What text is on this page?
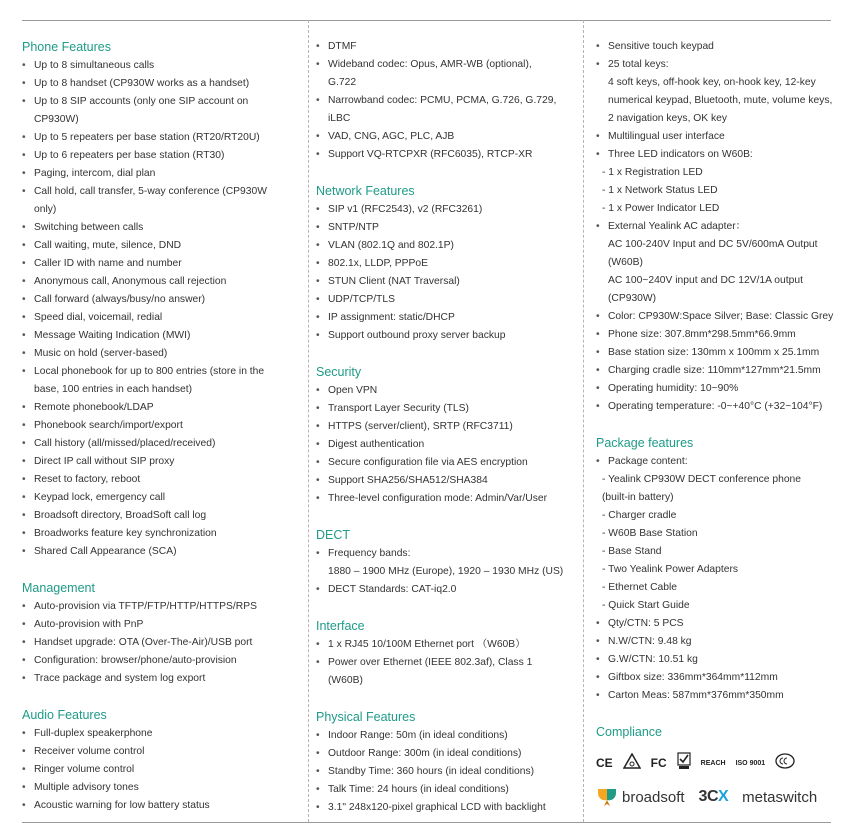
Phone Features
• Up to 8 simultaneous calls
• Up to 8 handset (CP930W works as a handset)
• Up to 8 SIP accounts (only one SIP account on
CP930W)
• Up to 5 repeaters per base station (RT20/RT20U)
• Up to 6 repeaters per base station (RT30)
• Paging, intercom, dial plan
• Call hold, call transfer, 5-way conference (CP930W
only)
• Switching between calls
• Call waiting, mute, silence, DND
• Caller ID with name and number
• Anonymous call, Anonymous call rejection
• Call forward (always/busy/no answer)
• Speed dial, voicemail, redial
• Message Waiting Indication (MWI)
• Music on hold (server-based)
• Local phonebook for up to 800 entries (store in the
base, 100 entries in each handset)
• Remote phonebook/LDAP
• Phonebook search/import/export
• Call history (all/missed/placed/received)
• Direct IP call without SIP proxy
• Reset to factory, reboot
• Keypad lock, emergency call
• Broadsoft directory, BroadSoft call log
• Broadworks feature key synchronization
• Shared Call Appearance (SCA)
Management
• Auto-provision via TFTP/FTP/HTTP/HTTPS/RPS
• Auto-provision with PnP
• Handset upgrade: OTA (Over-The-Air)/USB port
• Configuration: browser/phone/auto-provision
• Trace package and system log export
Audio Features
• Full-duplex speakerphone
• Receiver volume control
• Ringer volume control
• Multiple advisory tones
• Acoustic warning for low battery status
• DTMF
• Wideband codec: Opus, AMR-WB (optional),
G.722
• Narrowband codec: PCMU, PCMA, G.726, G.729,
iLBC
• VAD, CNG, AGC, PLC, AJB
• Support VQ-RTCPXR (RFC6035), RTCP-XR
Network Features
• SIP v1 (RFC2543), v2 (RFC3261)
• SNTP/NTP
• VLAN (802.1Q and 802.1P)
• 802.1x, LLDP, PPPoE
• STUN Client (NAT Traversal)
• UDP/TCP/TLS
• IP assignment: static/DHCP
• Support outbound proxy server backup
Security
• Open VPN
• Transport Layer Security (TLS)
• HTTPS (server/client), SRTP (RFC3711)
• Digest authentication
• Secure configuration file via AES encryption
• Support SHA256/SHA512/SHA384
• Three-level configuration mode: Admin/Var/User
DECT
• Frequency bands:
1880 – 1900 MHz (Europe), 1920 – 1930 MHz (US)
• DECT Standards: CAT-iq2.0
Interface
• 1 x RJ45 10/100M Ethernet port （W60B）
• Power over Ethernet (IEEE 802.3af), Class 1
(W60B)
Physical Features
• Indoor Range: 50m (in ideal conditions)
• Outdoor Range: 300m (in ideal conditions)
• Standby Time: 360 hours (in ideal conditions)
• Talk Time: 24 hours (in ideal conditions)
• 3.1" 248x120-pixel graphical LCD with backlight
• Sensitive touch keypad
• 25 total keys:
4 soft keys, off-hook key, on-hook key, 12-key
numerical keypad, Bluetooth, mute, volume keys,
2 navigation keys, OK key
• Multilingual user interface
• Three LED indicators on W60B:
- 1 x Registration LED
- 1 x Network Status LED
- 1 x Power Indicator LED
• External Yealink AC adapter：
AC 100-240V Input and DC 5V/600mA Output
(W60B)
AC 100~240V input and DC 12V/1A output
(CP930W)
• Color: CP930W:Space Silver; Base: Classic Grey
• Phone size: 307.8mm*298.5mm*66.9mm
• Base station size: 130mm x 100mm x 25.1mm
• Charging cradle size: 110mm*127mm*21.5mm
• Operating humidity: 10~90%
• Operating temperature: -0~+40°C (+32~104°F)
Package features
• Package content:
- Yealink CP930W DECT conference phone
(built-in battery)
- Charger cradle
- W60B Base Station
- Base Stand
- Two Yealink Power Adapters
- Ethernet Cable
- Quick Start Guide
• Qty/CTN: 5 PCS
• N.W/CTN: 9.48 kg
• G.W/CTN: 10.51 kg
• Giftbox size: 336mm*364mm*112mm
• Carton Meas: 587mm*376mm*350mm
Compliance
CE	FC	REACH ISO 9001
broadsoft 3CX metaswitch
